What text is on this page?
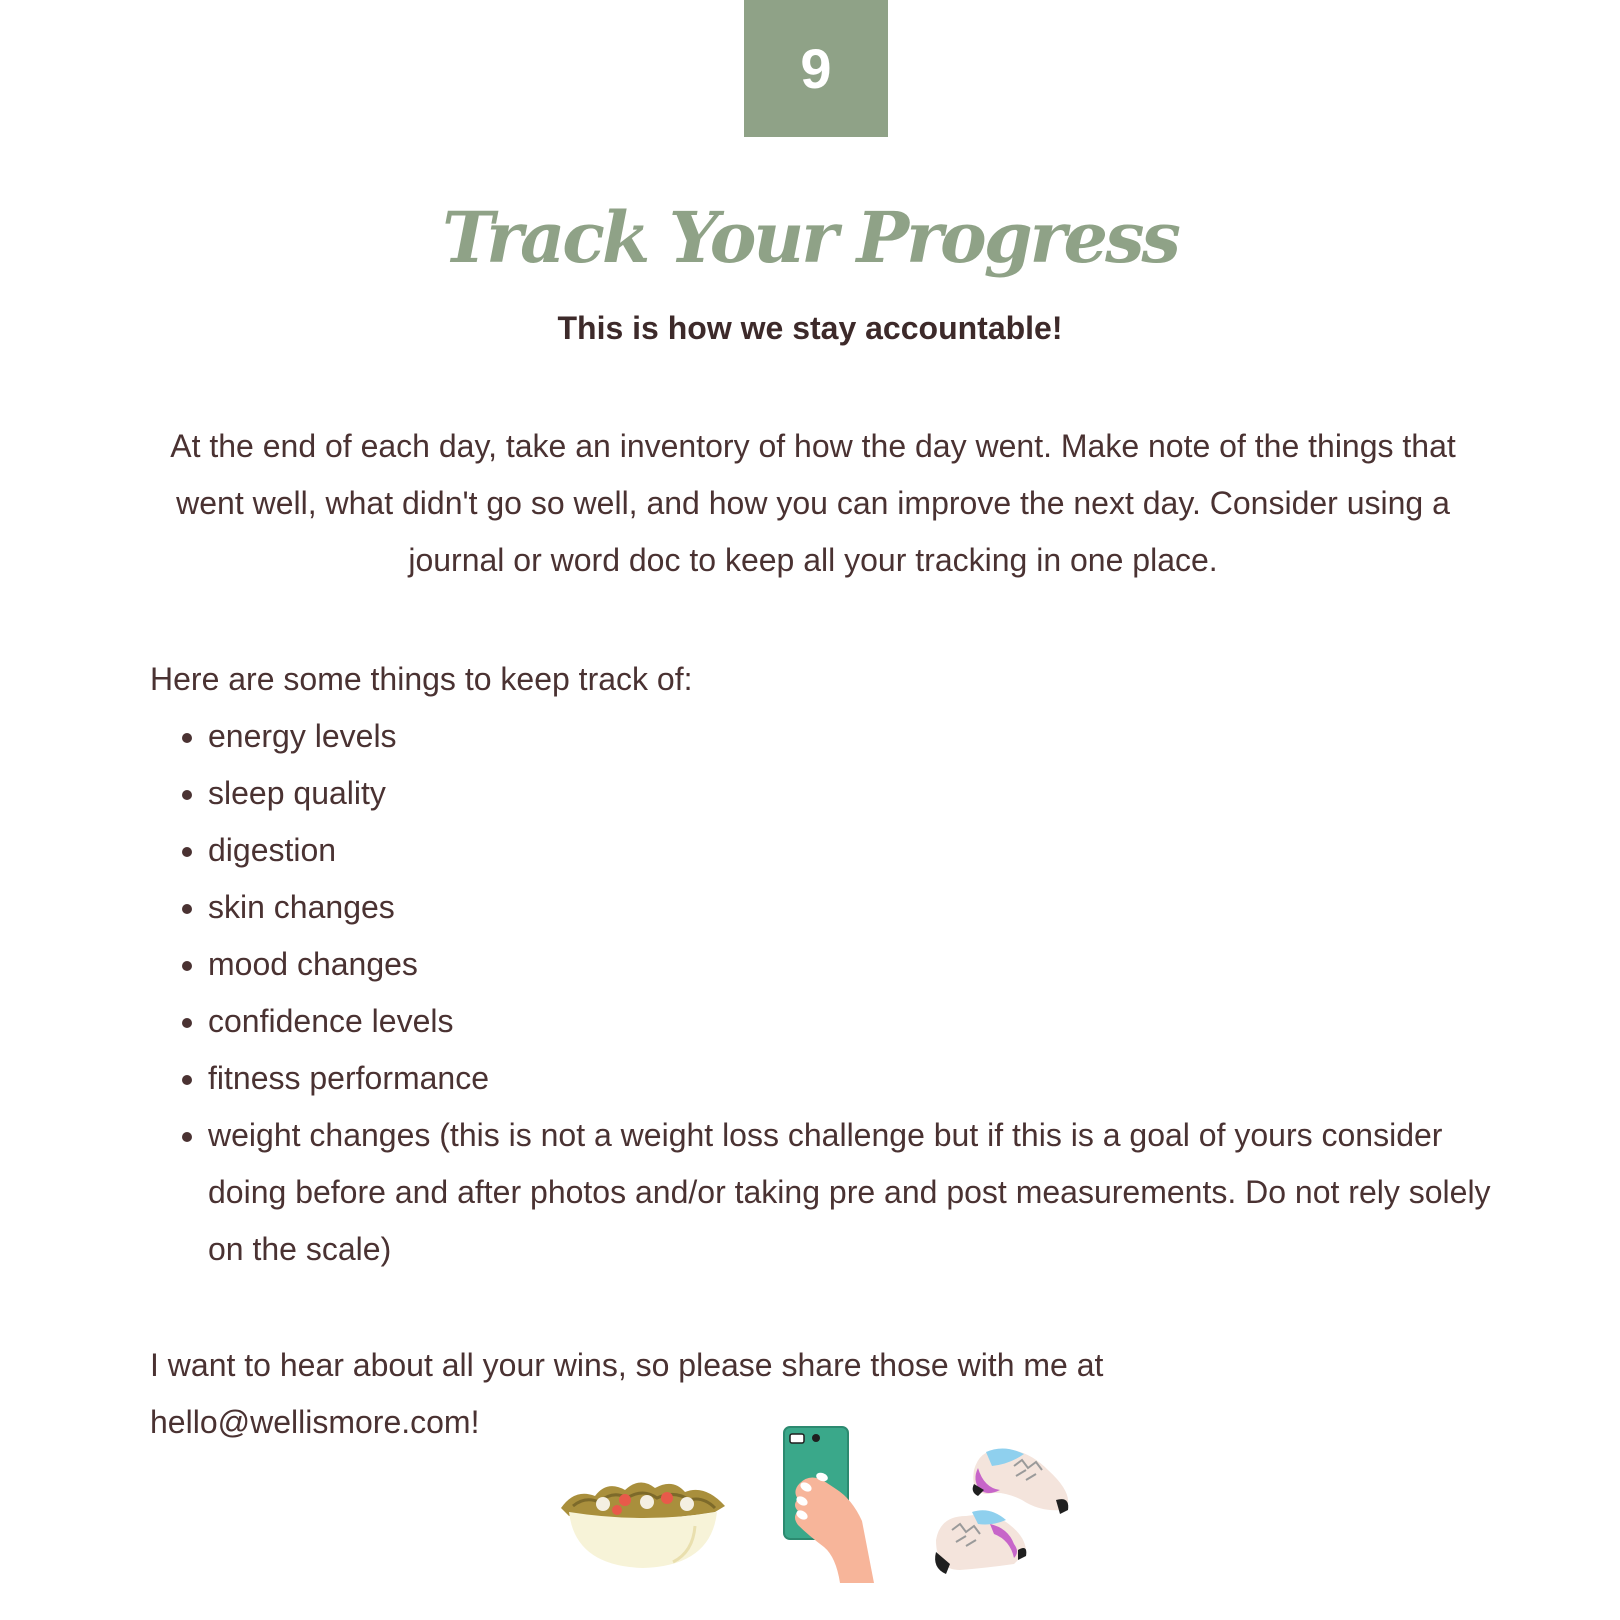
9
Track Your Progress
This is how we stay accountable!

At the end of each day, take an inventory of how the day went. Make note of the things that went well, what didn't go so well, and how you can improve the next day. Consider using a journal or word doc to keep all your tracking in one place.

Here are some things to keep track of:

• energy levels
• sleep quality
• digestion
• skin changes
• mood changes
• confidence levels
• fitness performance
• weight changes (this is not a weight loss challenge but if this is a goal of yours consider doing before and after photos and/or taking pre and post measurements. Do not rely solely on the scale)

I want to hear about all your wins, so please share those with me at hello@wellismore.com!
